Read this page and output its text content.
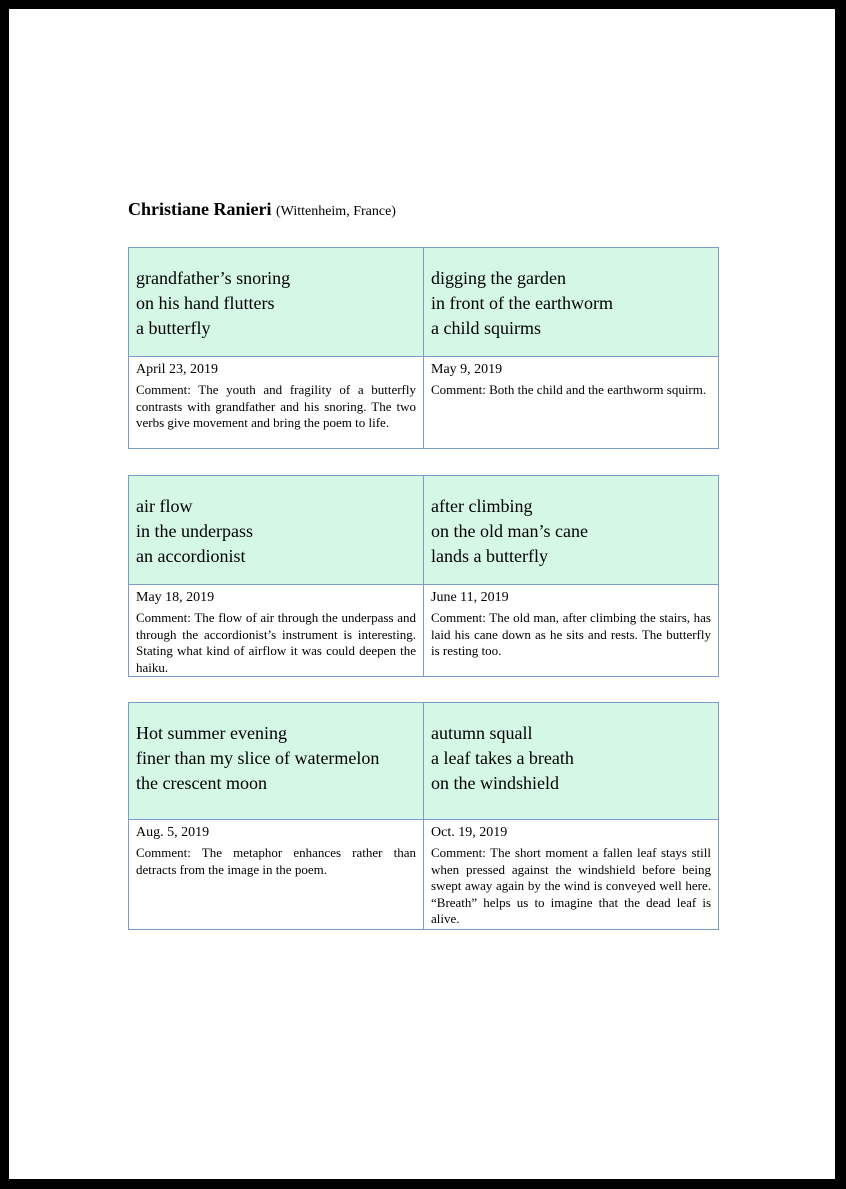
Christiane Ranieri (Wittenheim, France)
grandfather’s snoring
on his hand flutters
a butterfly	digging the garden
in front of the earthworm
a child squirms

April 23, 2019
Comment: The youth and fragility of a butterfly contrasts with grandfather and his snoring. The two verbs give movement and bring the poem to life.	May 9, 2019
Comment: Both the child and the earthworm squirm.
air flow
in the underpass
an accordionist	after climbing
on the old man’s cane
lands a butterfly

May 18, 2019
Comment: The flow of air through the underpass and through the accordionist’s instrument is interesting. Stating what kind of airflow it was could deepen the haiku.	June 11, 2019
Comment: The old man, after climbing the stairs, has laid his cane down as he sits and rests. The butterfly is resting too.
Hot summer evening
finer than my slice of watermelon
the crescent moon	autumn squall
a leaf takes a breath
on the windshield

Aug. 5, 2019
Comment: The metaphor enhances rather than detracts from the image in the poem.	Oct. 19, 2019
Comment: The short moment a fallen leaf stays still when pressed against the windshield before being swept away again by the wind is conveyed well here. “Breath” helps us to imagine that the dead leaf is alive.
